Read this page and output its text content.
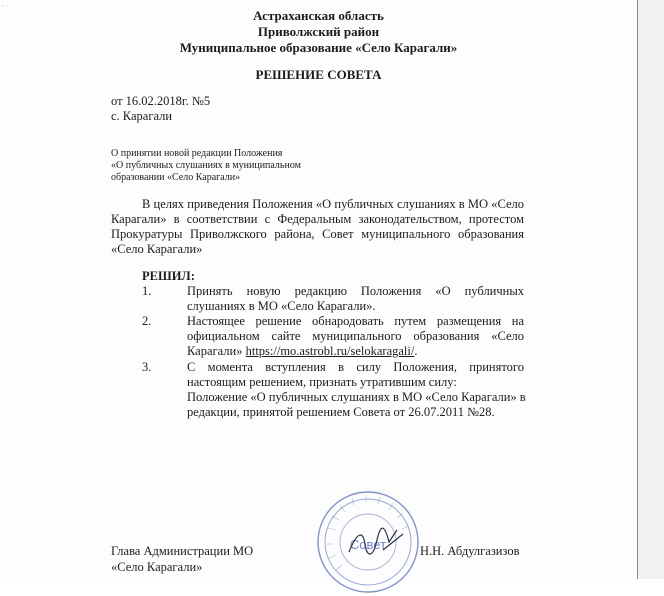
· ·
Астраханская область
Приволжский район
Муниципальное образование «Село Карагали»
РЕШЕНИЕ СОВЕТА
от 16.02.2018г. №5
с. Карагали
О принятии новой редакции Положения
«О публичных слушаниях в муниципальном
образовании «Село Карагали»
В целях приведения Положения «О публичных слушаниях в МО «Село
Карагали» в соответствии с Федеральным законодательством, протестом
Прокуратуры Приволжского района, Совет муниципального образования
«Село Карагали»
РЕШИЛ:
1.	Принять новую редакцию Положения «О публичных
слушаниях в МО «Село Карагали».
2.	Настоящее решение обнародовать путем размещения на
официальном сайте муниципального образования «Село
Карагали» https://mo.astrobl.ru/selokaragali/.
3.	С момента вступления в силу Положения, принятого
настоящим решением, признать утратившим силу:
Положение «О публичных слушаниях в МО «Село Карагали» в
редакции, принятой решением Совета от 26.07.2011 №28.
Совет
Глава Администрации МО
«Село Карагали»
Н.Н. Абдулгазизов
